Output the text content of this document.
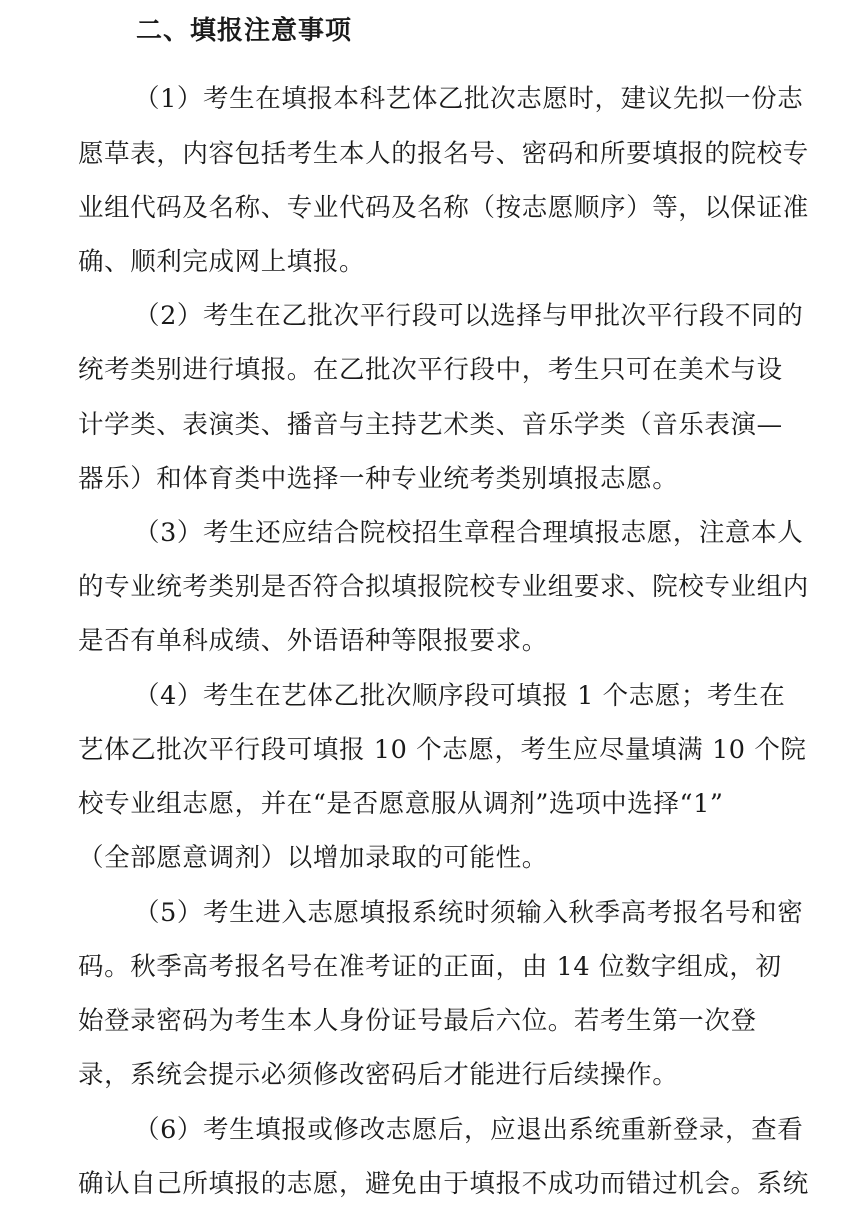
二、填报注意事项
（1）考生在填报本科艺体乙批次志愿时，建议先拟一份志
愿草表，内容包括考生本人的报名号、密码和所要填报的院校专
业组代码及名称、专业代码及名称（按志愿顺序）等，以保证准
确、顺利完成网上填报。
（2）考生在乙批次平行段可以选择与甲批次平行段不同的
统考类别进行填报。在乙批次平行段中，考生只可在美术与设
计学类、表演类、播音与主持艺术类、音乐学类（音乐表演—
器乐）和体育类中选择一种专业统考类别填报志愿。
（3）考生还应结合院校招生章程合理填报志愿，注意本人
的专业统考类别是否符合拟填报院校专业组要求、院校专业组内
是否有单科成绩、外语语种等限报要求。
（4）考生在艺体乙批次顺序段可填报 1 个志愿；考生在
艺体乙批次平行段可填报 10 个志愿，考生应尽量填满 10 个院
校专业组志愿，并在“是否愿意服从调剂”选项中选择“1”
（全部愿意调剂）以增加录取的可能性。
（5）考生进入志愿填报系统时须输入秋季高考报名号和密
码。秋季高考报名号在准考证的正面，由 14 位数字组成，初
始登录密码为考生本人身份证号最后六位。若考生第一次登
录，系统会提示必须修改密码后才能进行后续操作。
（6）考生填报或修改志愿后，应退出系统重新登录，查看
确认自己所填报的志愿，避免由于填报不成功而错过机会。系统
